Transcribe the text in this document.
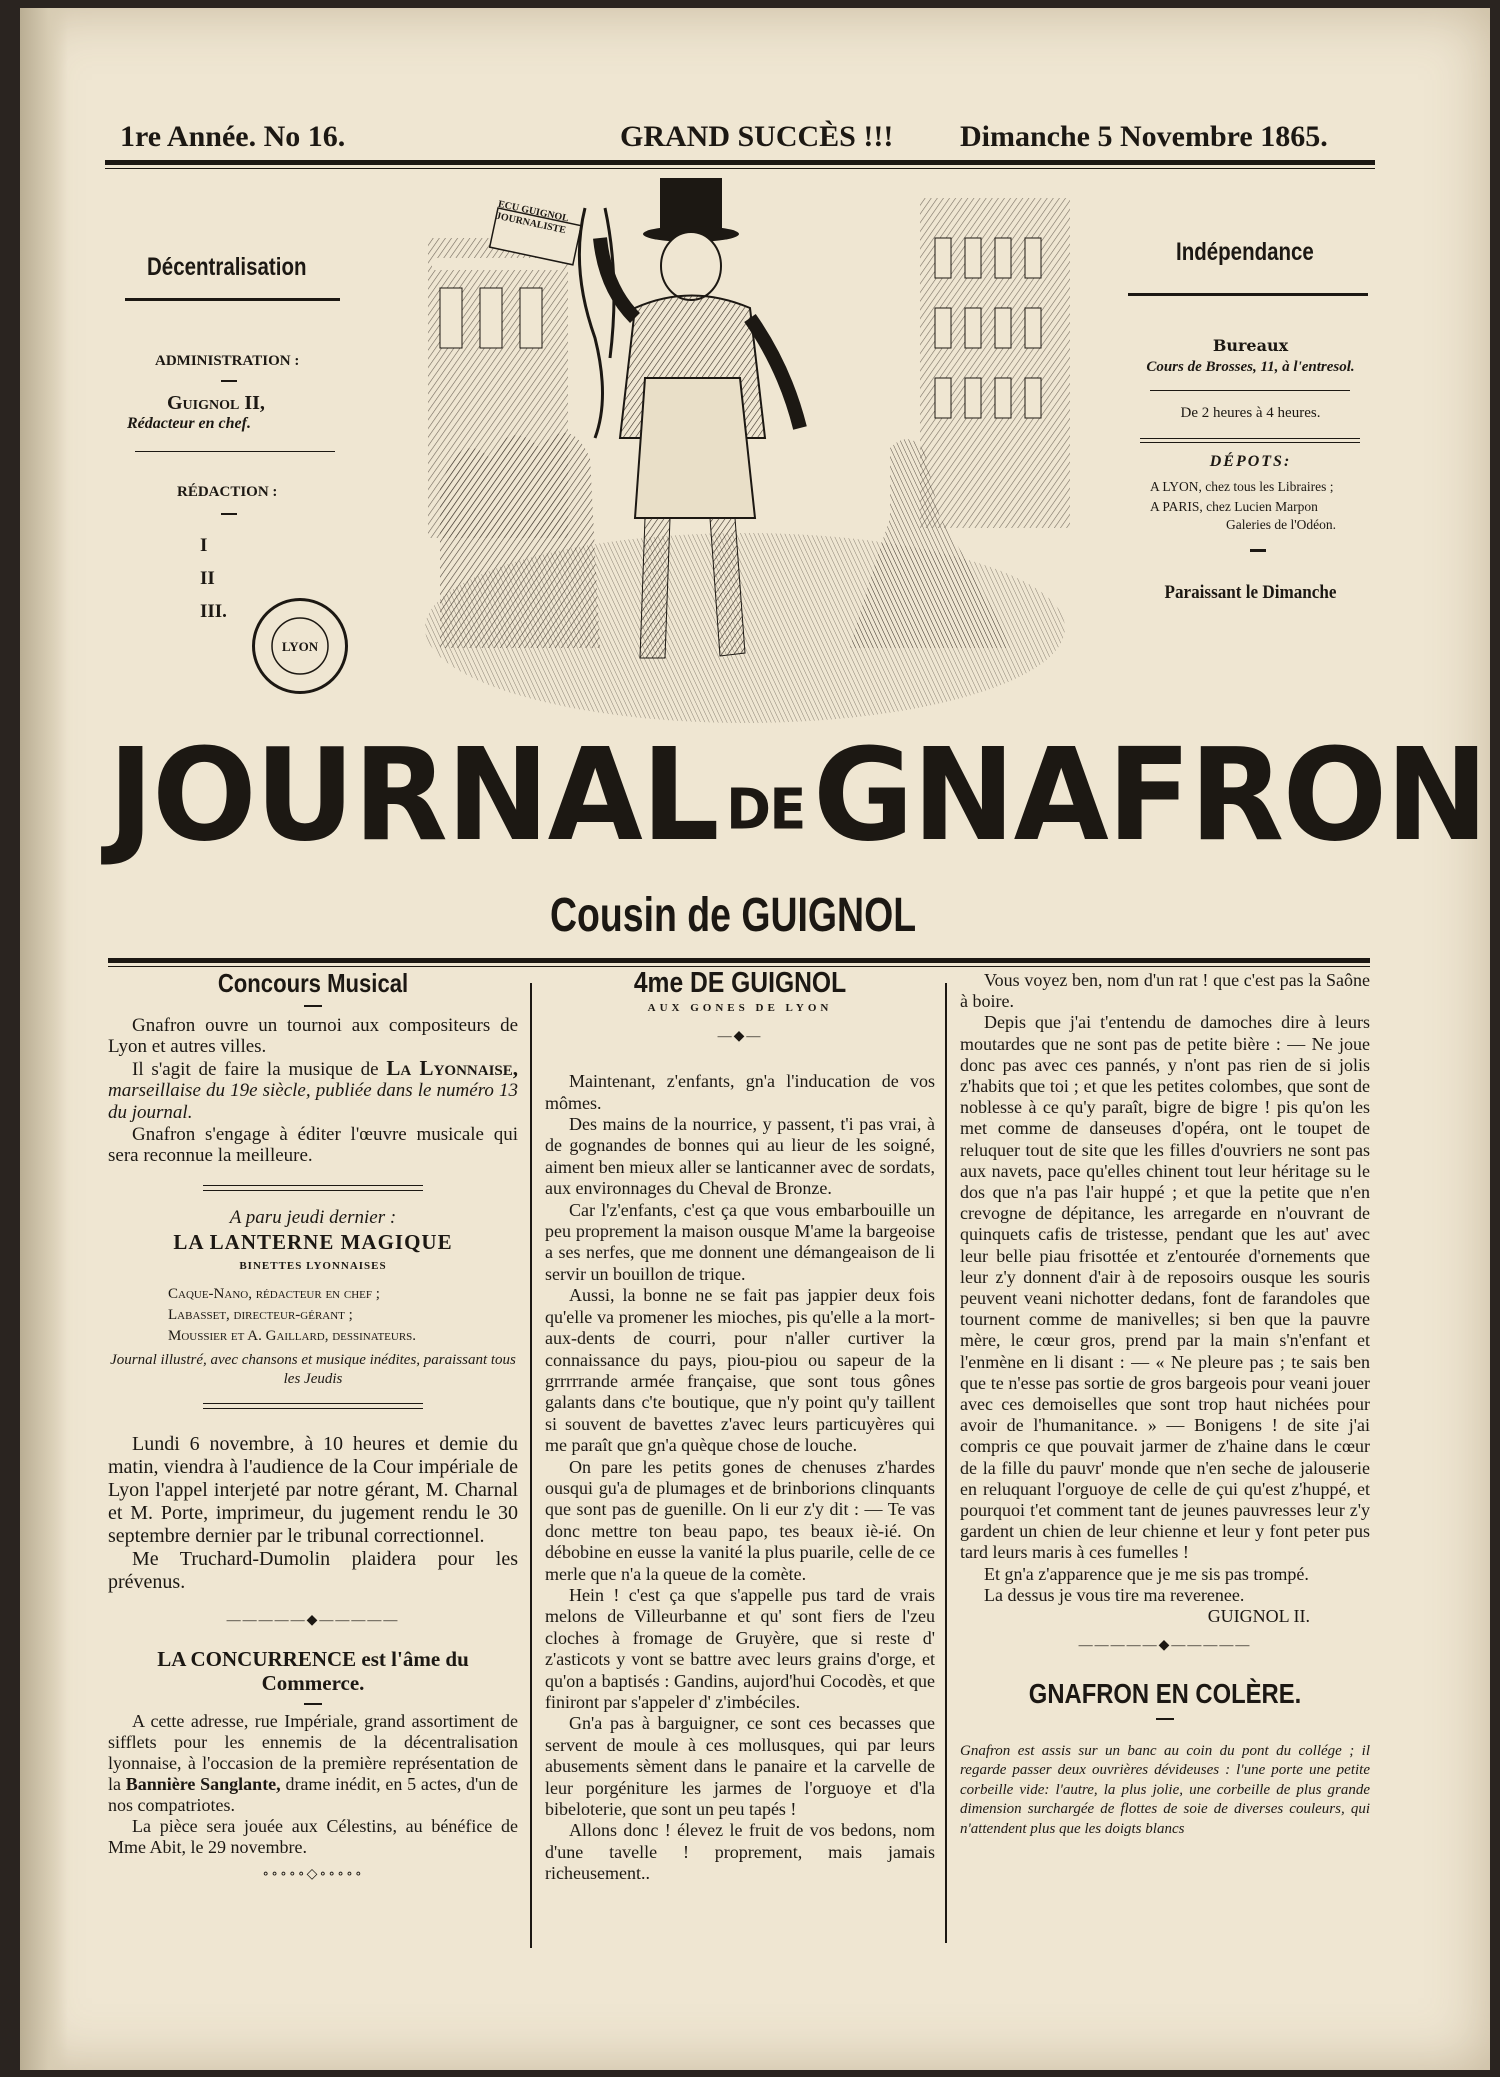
1re Année. No 16.	GRAND SUCCÈS !!! Dimanche 5 Novembre 1865.
Décentralisation
ADMINISTRATION :
Guignol II,
Rédacteur en chef.
RÉDACTION :
I
II
III.
LYON
ECU GUIGNOL JOURNALISTE
Indépendance
Bureaux
Cours de Brosses, 11, à l'entresol.
De 2 heures à 4 heures.
DÉPOTS:
A LYON, chez tous les Libraires ;
A PARIS, chez Lucien Marpon
Galeries de l'Odéon.
Paraissant le Dimanche
JOURNAL DEGNAFRON
Cousin de GUIGNOL
Concours Musical

Gnafron ouvre un tournoi aux compositeurs de Lyon et autres villes.

Il s'agit de faire la musique de La Lyonnaise, marseillaise du 19e siècle, publiée dans le numéro 13 du journal.

Gnafron s'engage à éditer l'œuvre musicale qui sera reconnue la meilleure.

A paru jeudi dernier :
LA LANTERNE MAGIQUE
BINETTES LYONNAISES
Caque-Nano, rédacteur en chef ;
Labasset, directeur-gérant ;
Moussier et A. Gaillard, dessinateurs.
Journal illustré, avec chansons et musique inédites, paraissant tous les Jeudis

Lundi 6 novembre, à 10 heures et demie du matin, viendra à l'audience de la Cour impériale de Lyon l'appel interjeté par notre gérant, M. Charnal et M. Porte, imprimeur, du jugement rendu le 30 septembre dernier par le tribunal correctionnel.

Me Truchard-Dumolin plaidera pour les prévenus.

—————◆—————
LA CONCURRENCE est l'âme du Commerce.

A cette adresse, rue Impériale, grand assortiment de sifflets pour les ennemis de la décentralisation lyonnaise, à l'occasion de la première représentation de la Bannière Sanglante, drame inédit, en 5 actes, d'un de nos compatriotes.

La pièce sera jouée aux Célestins, au bénéfice de Mme Abit, le 29 novembre.

∘∘∘∘∘◇∘∘∘∘∘
4me DE GUIGNOL
AUX GONES DE LYON
—◆—

Maintenant, z'enfants, gn'a l'inducation de vos mômes.

Des mains de la nourrice, y passent, t'i pas vrai, à de gognandes de bonnes qui au lieur de les soigné, aiment ben mieux aller se lanticanner avec de sordats, aux environnages du Cheval de Bronze.

Car l'z'enfants, c'est ça que vous embarbouille un peu proprement la maison ousque M'ame la bargeoise a ses nerfes, que me donnent une démangeaison de li servir un bouillon de trique.

Aussi, la bonne ne se fait pas jappier deux fois qu'elle va promener les mioches, pis qu'elle a la mort-aux-dents de courri, pour n'aller curtiver la connaissance du pays, piou-piou ou sapeur de la grrrrrande armée française, que sont tous gônes galants dans c'te boutique, que n'y point qu'y taillent si souvent de bavettes z'avec leurs particuyères qui me paraît que gn'a quèque chose de louche.

On pare les petits gones de chenuses z'hardes ousqui gu'a de plumages et de brinborions clinquants que sont pas de guenille. On li eur z'y dit : — Te vas donc mettre ton beau papo, tes beaux iè-ié. On débobine en eusse la vanité la plus puarile, celle de ce merle que n'a la queue de la comète.

Hein ! c'est ça que s'appelle pus tard de vrais melons de Villeurbanne et qu' sont fiers de l'zeu cloches à fromage de Gruyère, que si reste d' z'asticots y vont se battre avec leurs grains d'orge, et qu'on a baptisés : Gandins, aujord'hui Cocodès, et que finiront par s'appeler d' z'imbéciles.

Gn'a pas à barguigner, ce sont ces becasses que servent de moule à ces mollusques, qui par leurs abusements sèment dans le panaire et la carvelle de leur porgéniture les jarmes de l'orguoye et d'la bibeloterie, que sont un peu tapés !

Allons donc ! élevez le fruit de vos bedons, nom d'une tavelle ! proprement, mais jamais richeusement..

Vous voyez ben, nom d'un rat ! que c'est pas la Saône à boire.

Depis que j'ai t'entendu de damoches dire à leurs moutardes que ne sont pas de petite bière : — Ne joue donc pas avec ces pannés, y n'ont pas rien de si jolis z'habits que toi ; et que les petites colombes, que sont de noblesse à ce qu'y paraît, bigre de bigre ! pis qu'on les met comme de danseuses d'opéra, ont le toupet de reluquer tout de site que les filles d'ouvriers ne sont pas aux navets, pace qu'elles chinent tout leur héritage su le dos que n'a pas l'air huppé ; et que la petite que n'en crevogne de dépitance, les arregarde en n'ouvrant de quinquets cafis de tristesse, pendant que les aut' avec leur belle piau frisottée et z'entourée d'ornements que leur z'y donnent d'air à de reposoirs ousque les souris peuvent veani nichotter dedans, font de farandoles que tournent comme de manivelles; si ben que la pauvre mère, le cœur gros, prend par la main s'n'enfant et l'enmène en li disant : — « Ne pleure pas ; te sais ben que te n'esse pas sortie de gros bargeois pour veani jouer avec ces demoiselles que sont trop haut nichées pour avoir de l'humanitance. » — Bonigens ! de site j'ai compris ce que pouvait jarmer de z'haine dans le cœur de la fille du pauvr' monde que n'en seche de jalouserie en reluquant l'orguoye de celle de çui qu'est z'huppé, et pourquoi t'et comment tant de jeunes pauvresses leur z'y gardent un chien de leur chienne et leur y font peter pus tard leurs maris à ces fumelles !

Et gn'a z'apparence que je me sis pas trompé.

La dessus je vous tire ma reverenee.

GUIGNOL II.
—————◆—————
GNAFRON EN COLÈRE.

Gnafron est assis sur un banc au coin du pont du collége ; il regarde passer deux ouvrières dévideuses : l'une porte une petite corbeille vide: l'autre, la plus jolie, une corbeille de plus grande dimension surchargée de flottes de soie de diverses couleurs, qui n'attendent plus que les doigts blancs
